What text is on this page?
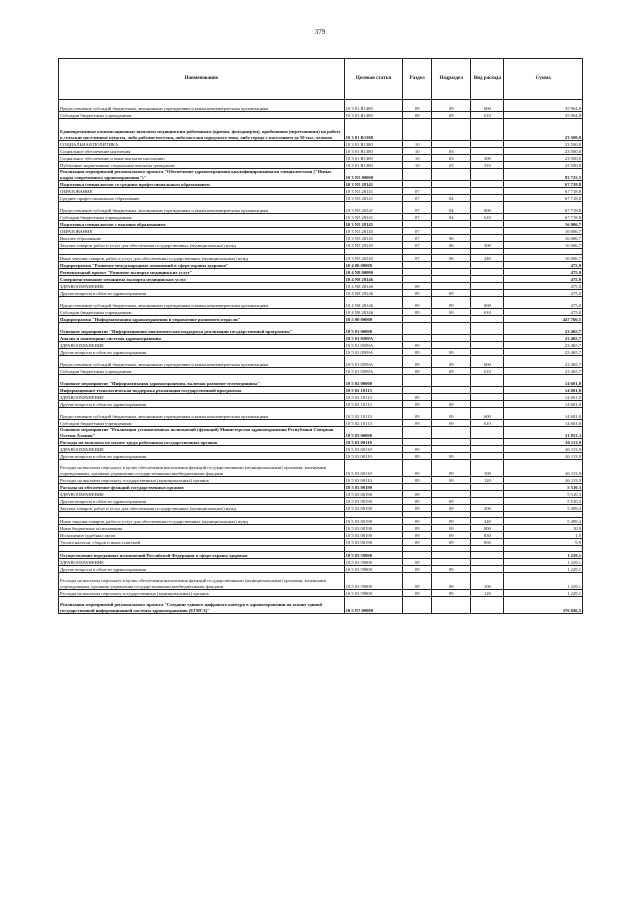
379
Наименование	Целевая статья	Раздел	Подраздел	Вид расхода	Сумма
Предоставление субсидий бюджетным, автономным учреждениям и иным некоммерческим организациям	10 3 01 R1480	09	09	600	35 964,8
Субсидии бюджетным учреждениям	10 3 01 R1480	09	09	610	35 964,8
Единовременные компенсационные выплаты медицинским работникам (врачам, фельдшерам), прибывшим (переехавшим) на работу в сельские населенные пункты, либо рабочие поселки, либо поселки городского типа, либо города с населением до 50 тыс. человек	10 3 01 R1380				23 500,0
СОЦИАЛЬНАЯ ПОЛИТИКА	10 3 01 R1380	10			23 500,0
Социальное обеспечение населения	10 3 01 R1380	10	03		23 500,0
Социальное обеспечение и иные выплаты населению	10 3 01 R1380	10	03	300	23 500,0
Публичные нормативные социальные выплаты гражданам	10 3 01 R1380	10	03	310	23 500,0
Реализация мероприятий регионального проекта "Обеспечение здравоохранения квалифицированными специалистами ("Новые кадры современного здравоохранения")"	10 3 N5 00000				83 725,5
Подготовка специалистов со средним профессиональным образованием	10 3 N5 28141				67 718,8
ОБРАЗОВАНИЕ	10 3 N5 28141	07			67 718,8
Среднее профессиональное образование	10 3 N5 28141	07	04		67 718,8
Предоставление субсидий бюджетным, автономным учреждениям и иным некоммерческим организациям	10 3 N5 28141	07	04	600	67 718,8
Субсидии бюджетным учреждениям	10 3 N5 28141	07	04	610	67 718,8
Подготовка специалистов с высшим образованием	10 3 N5 28145				16 006,7
ОБРАЗОВАНИЕ	10 3 N5 28145	07			16 006,7
Высшее образование	10 3 N5 28145	07	06		16 006,7
Закупка товаров, работ и услуг для обеспечения государственных (муниципальных) нужд	10 3 N5 28145	07	06	200	16 006,7

Иные закупки товаров, работ и услуг для обеспечения государственных (муниципальных) нужд	10 3 N5 28145	07	06	240	16 006,7
Подпрограмма "Развитие международных отношений в сфере охраны здоровья"	10 4 00 00000				475,0
Региональный проект "Развитие экспорта медицинских услуг"	10 4 N8 00000				475,0
Совершенствование механизма экспорта медицинских услуг	10 4 N8 28146				475,0
ЗДРАВООХРАНЕНИЕ	10 4 N8 28146	09			475,0
Другие вопросы в области здравоохранения	10 4 N8 28146	09	09		475,0
Предоставление субсидий бюджетным, автономным учреждениям и иным некоммерческим организациям	10 4 N8 28146	09	09	600	475,0
Субсидии бюджетным учреждениям	10 4 N8 28146	09	09	610	475,0
Подпрограмма "Информатизация здравоохранения и управление развитием отрасли"	10 5 00 00000				447 766,5
Основное мероприятие "Информационно-аналитическая поддержка реализации государственной программы"	10 5 01 00000				23 465,7
Анализ и мониторинг системы здравоохранения	10 5 01 0509A				23 465,7
ЗДРАВООХРАНЕНИЕ	10 5 01 0509A	09			23 465,7
Другие вопросы в области здравоохранения	10 5 01 0509A	09	09		23 465,7
Предоставление субсидий бюджетным, автономным учреждениям и иным некоммерческим организациям	10 5 01 0509A	09	09	600	23 465,7
Субсидии бюджетным учреждениям	10 5 01 0509A	09	09	610	23 465,7
Основное мероприятие "Информатизация здравоохранения, включая развитие телемедицины"	10 5 02 00000				14 601,0
Информационно-технологическая поддержка реализации государственной программы	10 5 02 10113				14 601,0
ЗДРАВООХРАНЕНИЕ	10 5 02 10113	09			14 601,0
Другие вопросы в области здравоохранения	10 5 02 10113	09	09		14 601,0
Предоставление субсидий бюджетным, автономным учреждениям и иным некоммерческим организациям	10 5 02 10113	09	09	600	14 601,0
Субсидии бюджетным учреждениям	10 5 02 10113	09	09	610	14 601,0
Основное мероприятие "Реализация установленных полномочий (функций) Министерства здравоохранения Республики Северная Осетия-Алания"	10 5 03 00000				31 853,3
Расходы на выплаты по оплате труда работников государственных органов	10 5 03 00110				26 113,9
ЗДРАВООХРАНЕНИЕ	10 5 03 00110	09			26 113,9
Другие вопросы в области здравоохранения	10 5 03 00110	09	09		26 113,9
Расходы на выплаты персоналу в целях обеспечения выполнения функций государственными (муниципальными) органами, казенными учреждениями, органами управления государственными внебюджетными фондами	10 5 03 00110	09	09	100	26 113,9
Расходы на выплаты персоналу государственных (муниципальных) органов	10 5 03 00110	09	09	120	26 113,9
Расходы на обеспечение функций государственных органов	10 5 03 00190				5 510,3
ЗДРАВООХРАНЕНИЕ	10 5 03 00190	09			5 510,3
Другие вопросы в области здравоохранения	10 5 03 00190	09	09		5 510,3
Закупка товаров, работ и услуг для обеспечения государственных (муниципальных) нужд	10 5 03 00190	09	09	200	5 499,4

Иные закупки товаров, работ и услуг для обеспечения государственных (муниципальных) нужд	10 5 03 00190	09	09	240	5 499,4
Иные бюджетные ассигнования	10 5 03 00190	09	09	800	10,9
Исполнение судебных актов	10 5 03 00190	09	09	830	1,0
Уплата налогов, сборов и иных платежей	10 5 03 00190	09	09	850	9,9

Осуществление переданных полномочий Российской Федерации в сфере охраны здоровья	10 5 03 59800				1 229,1
ЗДРАВООХРАНЕНИЕ	10 5 03 59800	09			1 229,1
Другие вопросы в области здравоохранения	10 5 03 59800	09	09		1 229,1
Расходы на выплаты персоналу в целях обеспечения выполнения функций государственными (муниципальными) органами, казенными учреждениями, органами управления государственными внебюджетными фондами	10 5 03 59800	09	09	100	1 229,1
Расходы на выплаты персоналу государственных (муниципальных) органов	10 5 03 59800	09	09	120	1 229,1
Реализация мероприятий регионального проекта "Создание единого цифрового контура в здравоохранении на основе единой государственной информационной системы здравоохранения (ЕГИСЗ)"	10 5 N7 00000				376 846,5
